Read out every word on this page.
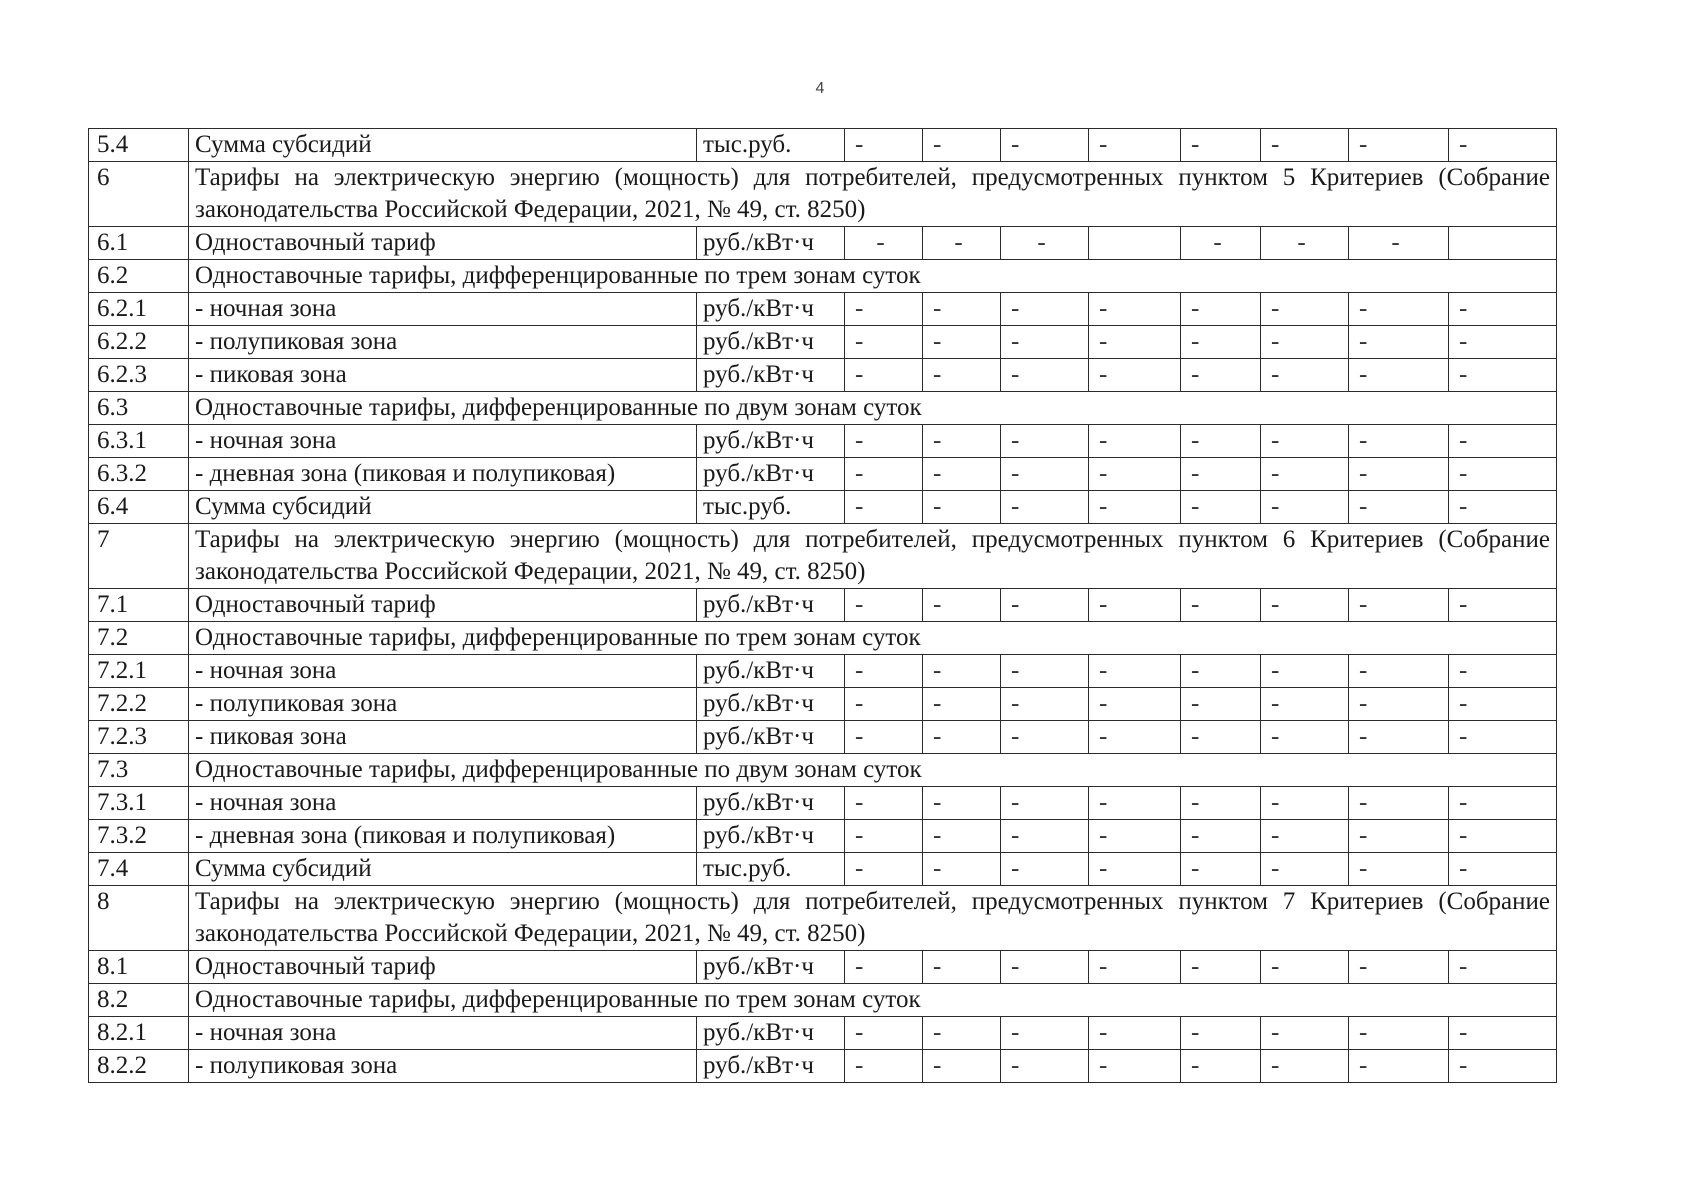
4
5.4	Сумма субсидий	тыс.руб.	-	-	-	-	-	-	-	-
6	Тарифы на электрическую энергию (мощность) для потребителей, предусмотренных пунктом 5 Критериев (Собрание законодательства Российской Федерации, 2021, № 49, ст. 8250)									
6.1	Одноставочный тариф	руб./кВт·ч	-	-	-		-	-	-	
6.2	Одноставочные тарифы, дифференцированные по трем зонам суток									
6.2.1	- ночная зона	руб./кВт·ч	-	-	-	-	-	-	-	-
6.2.2	- полупиковая зона	руб./кВт·ч	-	-	-	-	-	-	-	-
6.2.3	- пиковая зона	руб./кВт·ч	-	-	-	-	-	-	-	-
6.3	Одноставочные тарифы, дифференцированные по двум зонам суток									
6.3.1	- ночная зона	руб./кВт·ч	-	-	-	-	-	-	-	-
6.3.2	- дневная зона (пиковая и полупиковая)	руб./кВт·ч	-	-	-	-	-	-	-	-
6.4	Сумма субсидий	тыс.руб.	-	-	-	-	-	-	-	-
7	Тарифы на электрическую энергию (мощность) для потребителей, предусмотренных пунктом 6 Критериев (Собрание законодательства Российской Федерации, 2021, № 49, ст. 8250)									
7.1	Одноставочный тариф	руб./кВт·ч	-	-	-	-	-	-	-	-
7.2	Одноставочные тарифы, дифференцированные по трем зонам суток									
7.2.1	- ночная зона	руб./кВт·ч	-	-	-	-	-	-	-	-
7.2.2	- полупиковая зона	руб./кВт·ч	-	-	-	-	-	-	-	-
7.2.3	- пиковая зона	руб./кВт·ч	-	-	-	-	-	-	-	-
7.3	Одноставочные тарифы, дифференцированные по двум зонам суток									
7.3.1	- ночная зона	руб./кВт·ч	-	-	-	-	-	-	-	-
7.3.2	- дневная зона (пиковая и полупиковая)	руб./кВт·ч	-	-	-	-	-	-	-	-
7.4	Сумма субсидий	тыс.руб.	-	-	-	-	-	-	-	-
8	Тарифы на электрическую энергию (мощность) для потребителей, предусмотренных пунктом 7 Критериев (Собрание законодательства Российской Федерации, 2021, № 49, ст. 8250)									
8.1	Одноставочный тариф	руб./кВт·ч	-	-	-	-	-	-	-	-
8.2	Одноставочные тарифы, дифференцированные по трем зонам суток									
8.2.1	- ночная зона	руб./кВт·ч	-	-	-	-	-	-	-	-
8.2.2	- полупиковая зона	руб./кВт·ч	-	-	-	-	-	-	-	-
